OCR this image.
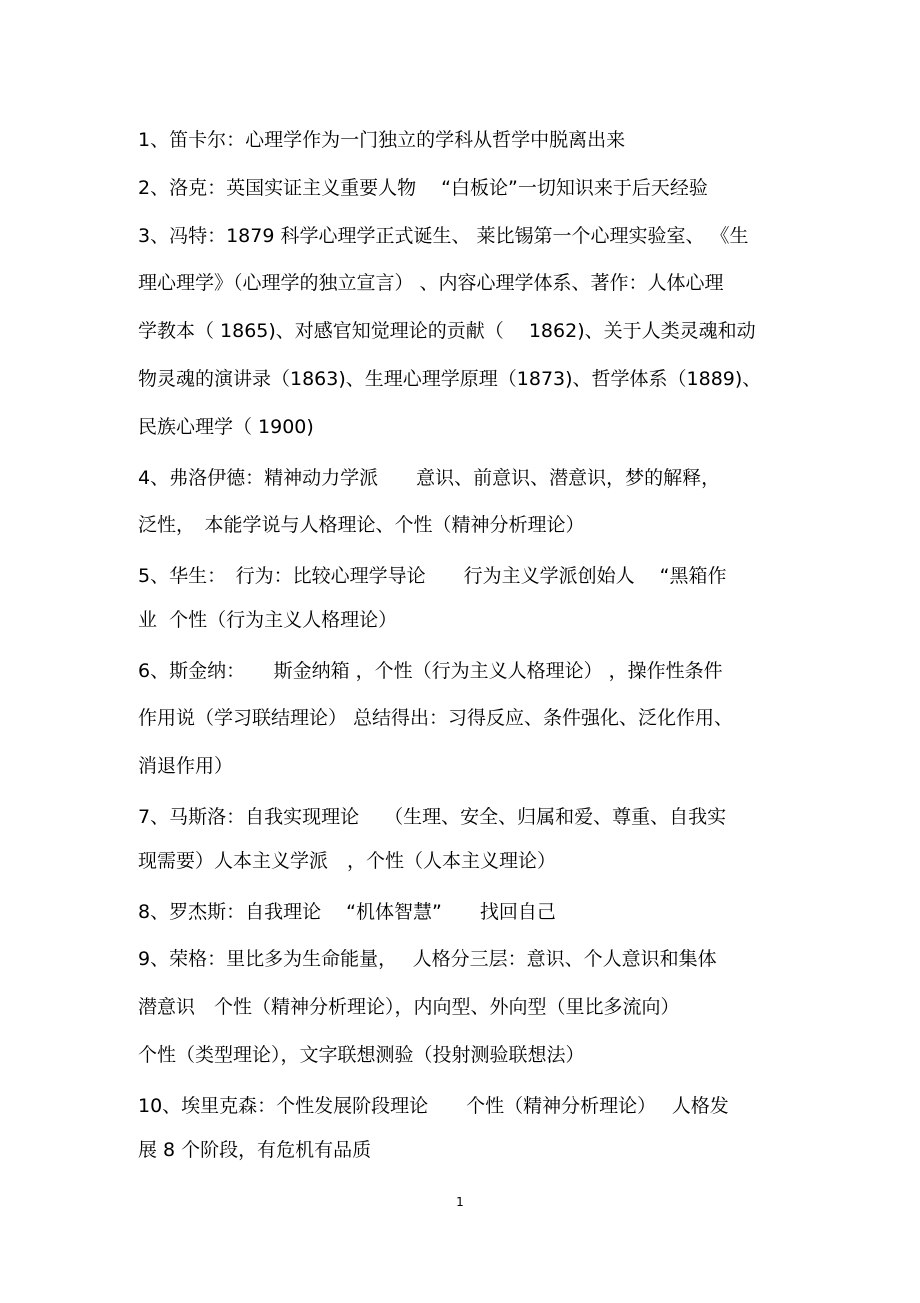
1、笛卡尔：心理学作为一门独立的学科从哲学中脱离出来
2、洛克：英国实证主义重要人物　 “白板论”一切知识来于后天经验
3、冯特：1879 科学心理学正式诞生、 莱比锡第一个心理实验室、 《生
理心理学》（心理学的独立宣言） 、内容心理学体系、著作：人体心理
学教本（ 1865)、对感官知觉理论的贡献（　 1862)、关于人类灵魂和动
物灵魂的演讲录（1863)、生理心理学原理（1873)、哲学体系（1889)、
民族心理学（ 1900)
4、弗洛伊德：精神动力学派　　意识、前意识、潜意识，梦的解释，
泛性，　本能学说与人格理论、个性（精神分析理论）
5、华生：　行为：比较心理学导论　　行为主义学派创始人　 “黑箱作
业  个性（行为主义人格理论）
6、斯金纳：　　斯金纳箱 ，个性（行为主义人格理论） ，操作性条件
作用说（学习联结理论） 总结得出：习得反应、条件强化、泛化作用、
消退作用）
7、马斯洛：自我实现理论　 （生理、安全、归属和爱、尊重、自我实
现需要）人本主义学派　，个性（人本主义理论）
8、罗杰斯：自我理论　 “机体智慧”　　找回自己
9、荣格：里比多为生命能量，　 人格分三层：意识、个人意识和集体
潜意识　个性（精神分析理论），内向型、外向型（里比多流向）
个性（类型理论），文字联想测验（投射测验联想法）
10、埃里克森：个性发展阶段理论　　个性（精神分析理论）　 人格发
展 8 个阶段，有危机有品质
1
